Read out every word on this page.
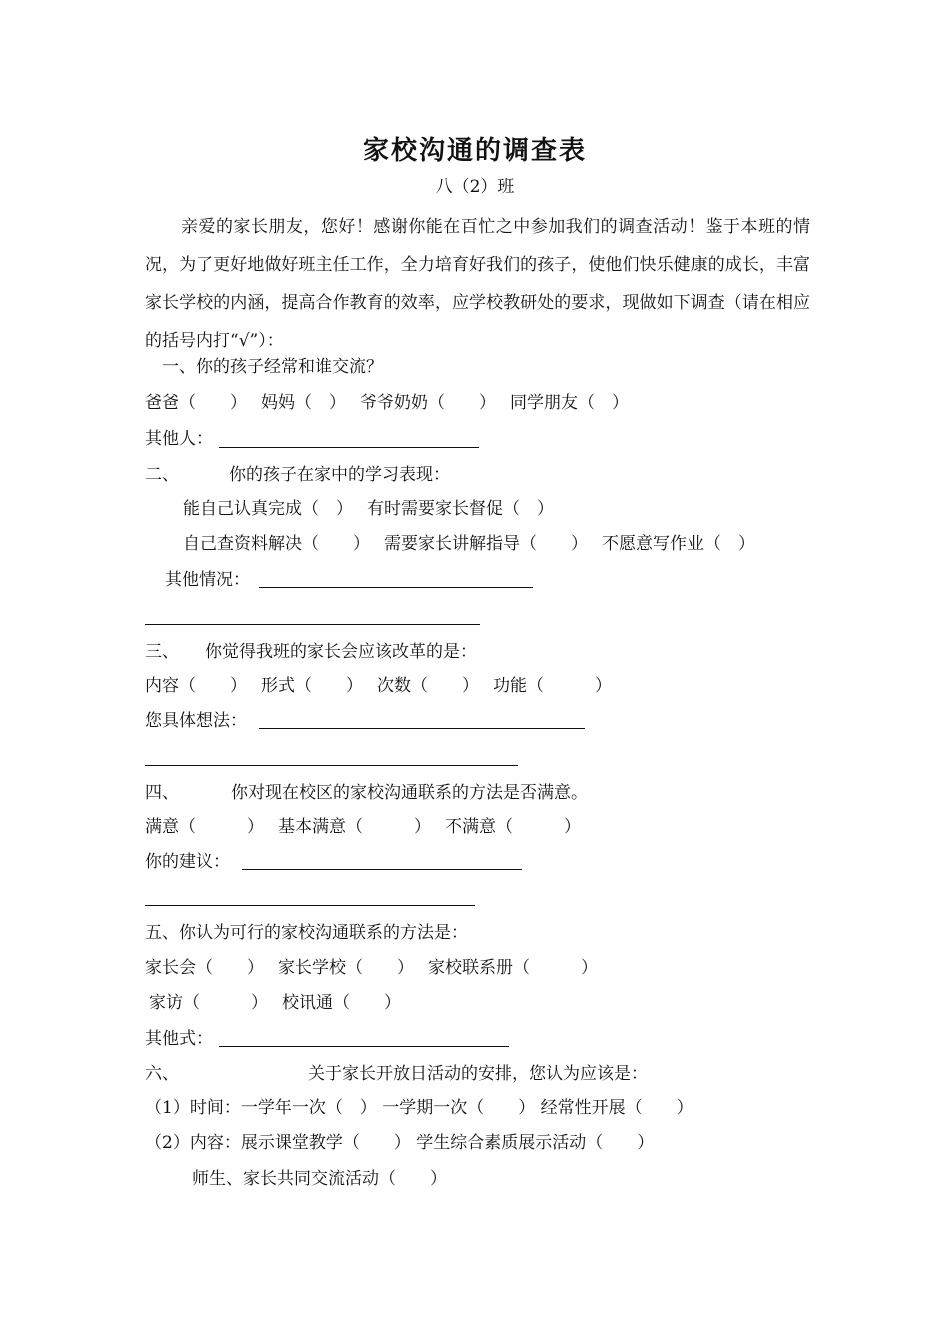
家校沟通的调查表
八（2）班
亲爱的家长朋友，您好！感谢你能在百忙之中参加我们的调查活动！鉴于本班的情况，为了更好地做好班主任工作，全力培育好我们的孩子，使他们快乐健康的成长，丰富家长学校的内涵，提高合作教育的效率，应学校教研处的要求，现做如下调查（请在相应的括号内打“√”）：
一、你的孩子经常和谁交流？
爸爸（　　） 妈妈（　） 爷爷奶奶（　　） 同学朋友（　）
其他人：
二、	你的孩子在家中的学习表现：
能自己认真完成（　） 有时需要家长督促（　）
自己查资料解决（　　） 需要家长讲解指导（　　） 不愿意写作业（　）
其他情况：
三、 你觉得我班的家长会应该改革的是：
内容（　　） 形式（　　） 次数（　　） 功能（　　　）
您具体想法：
四、	你对现在校区的家校沟通联系的方法是否满意。
满意（　　　） 基本满意（　　　） 不满意（　　　）
你的建议：
五、你认为可行的家校沟通联系的方法是：
家长会（　　） 家长学校（　　） 家校联系册（　　　）
家访（　　　） 校讯通（　　）
其他式：
六、	关于家长开放日活动的安排，您认为应该是：
（1）时间：一学年一次（　） 一学期一次（　　） 经常性开展（　　）
（2）内容：展示课堂教学（　　） 学生综合素质展示活动（　　）
师生、家长共同交流活动（　　）
